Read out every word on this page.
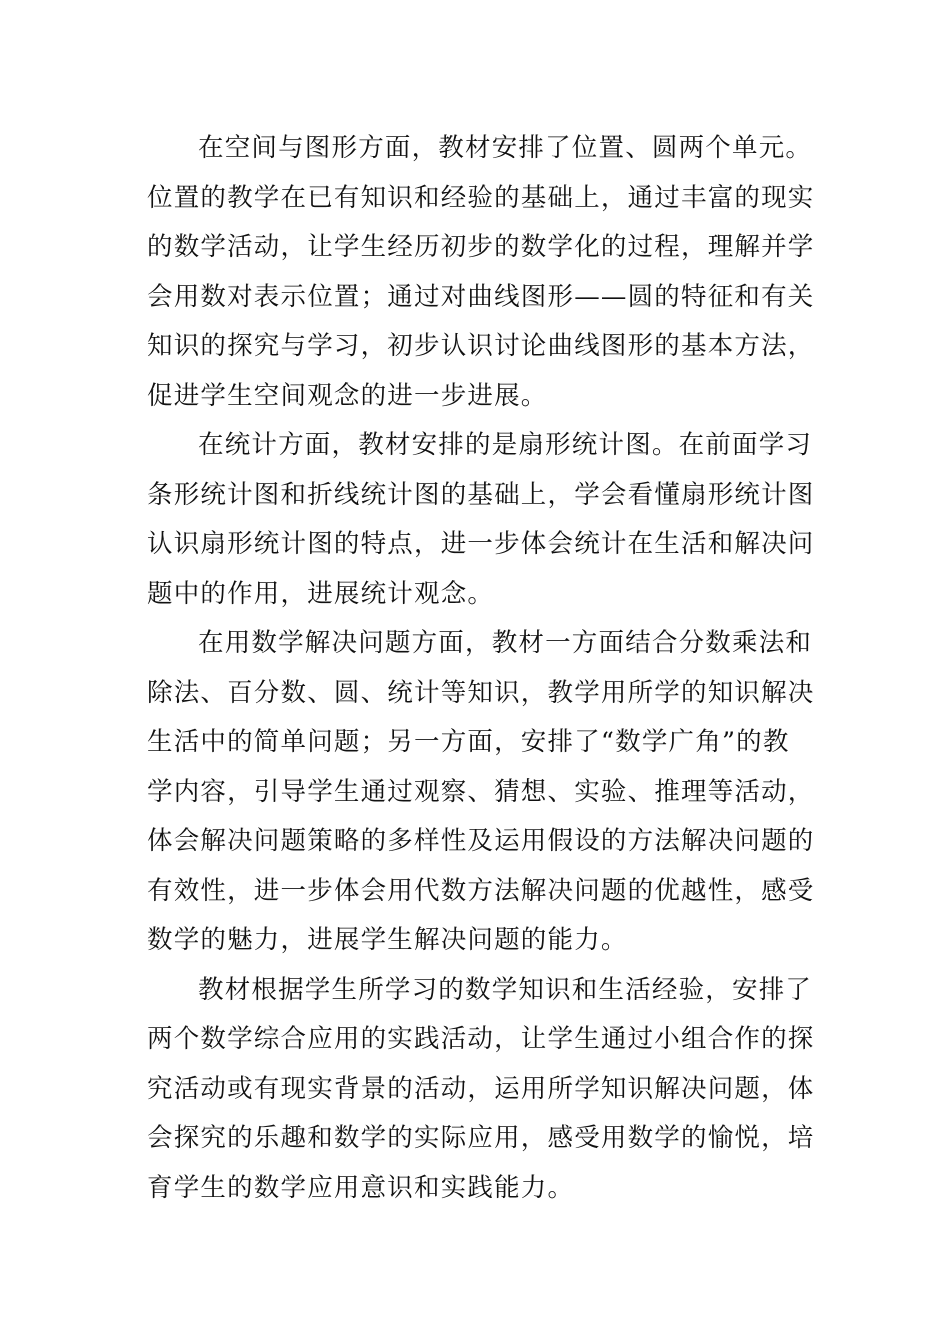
在空间与图形方面，教材安排了位置、圆两个单元。
位置的教学在已有知识和经验的基础上，通过丰富的现实
的数学活动，让学生经历初步的数学化的过程，理解并学
会用数对表示位置；通过对曲线图形——圆的特征和有关
知识的探究与学习，初步认识讨论曲线图形的基本方法，
促进学生空间观念的进一步进展。
在统计方面，教材安排的是扇形统计图。在前面学习
条形统计图和折线统计图的基础上，学会看懂扇形统计图
认识扇形统计图的特点，进一步体会统计在生活和解决问
题中的作用，进展统计观念。
在用数学解决问题方面，教材一方面结合分数乘法和
除法、百分数、圆、统计等知识，教学用所学的知识解决
生活中的简单问题；另一方面，安排了“数学广角”的教
学内容，引导学生通过观察、猜想、实验、推理等活动，
体会解决问题策略的多样性及运用假设的方法解决问题的
有效性，进一步体会用代数方法解决问题的优越性，感受
数学的魅力，进展学生解决问题的能力。
教材根据学生所学习的数学知识和生活经验，安排了
两个数学综合应用的实践活动，让学生通过小组合作的探
究活动或有现实背景的活动，运用所学知识解决问题，体
会探究的乐趣和数学的实际应用，感受用数学的愉悦，培
育学生的数学应用意识和实践能力。
